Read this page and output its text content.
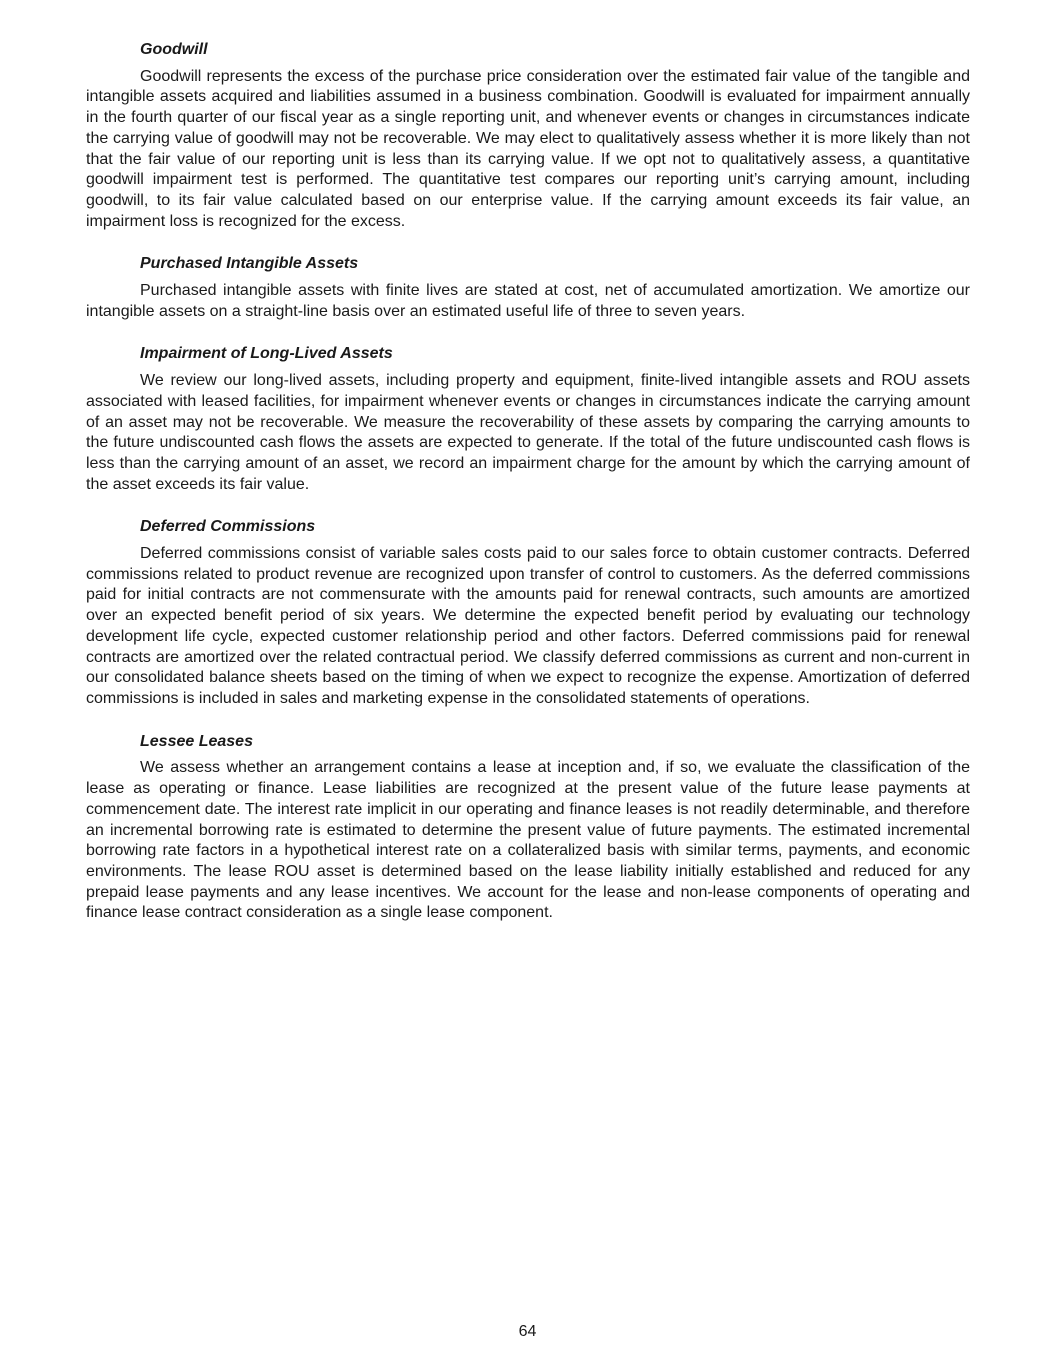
Goodwill

Goodwill represents the excess of the purchase price consideration over the estimated fair value of the tangible and intangible assets acquired and liabilities assumed in a business combination. Goodwill is evaluated for impairment annually in the fourth quarter of our fiscal year as a single reporting unit, and whenever events or changes in circumstances indicate the carrying value of goodwill may not be recoverable. We may elect to qualitatively assess whether it is more likely than not that the fair value of our reporting unit is less than its carrying value. If we opt not to qualitatively assess, a quantitative goodwill impairment test is performed. The quantitative test compares our reporting unit’s carrying amount, including goodwill, to its fair value calculated based on our enterprise value. If the carrying amount exceeds its fair value, an impairment loss is recognized for the excess.

Purchased Intangible Assets

Purchased intangible assets with finite lives are stated at cost, net of accumulated amortization. We amortize our intangible assets on a straight-line basis over an estimated useful life of three to seven years.

Impairment of Long-Lived Assets

We review our long-lived assets, including property and equipment, finite-lived intangible assets and ROU assets associated with leased facilities, for impairment whenever events or changes in circumstances indicate the carrying amount of an asset may not be recoverable. We measure the recoverability of these assets by comparing the carrying amounts to the future undiscounted cash flows the assets are expected to generate. If the total of the future undiscounted cash flows is less than the carrying amount of an asset, we record an impairment charge for the amount by which the carrying amount of the asset exceeds its fair value.

Deferred Commissions

Deferred commissions consist of variable sales costs paid to our sales force to obtain customer contracts. Deferred commissions related to product revenue are recognized upon transfer of control to customers. As the deferred commissions paid for initial contracts are not commensurate with the amounts paid for renewal contracts, such amounts are amortized over an expected benefit period of six years. We determine the expected benefit period by evaluating our technology development life cycle, expected customer relationship period and other factors. Deferred commissions paid for renewal contracts are amortized over the related contractual period. We classify deferred commissions as current and non-current in our consolidated balance sheets based on the timing of when we expect to recognize the expense. Amortization of deferred commissions is included in sales and marketing expense in the consolidated statements of operations.

Lessee Leases

We assess whether an arrangement contains a lease at inception and, if so, we evaluate the classification of the lease as operating or finance. Lease liabilities are recognized at the present value of the future lease payments at commencement date. The interest rate implicit in our operating and finance leases is not readily determinable, and therefore an incremental borrowing rate is estimated to determine the present value of future payments. The estimated incremental borrowing rate factors in a hypothetical interest rate on a collateralized basis with similar terms, payments, and economic environments. The lease ROU asset is determined based on the lease liability initially established and reduced for any prepaid lease payments and any lease incentives. We account for the lease and non-lease components of operating and finance lease contract consideration as a single lease component.

64
